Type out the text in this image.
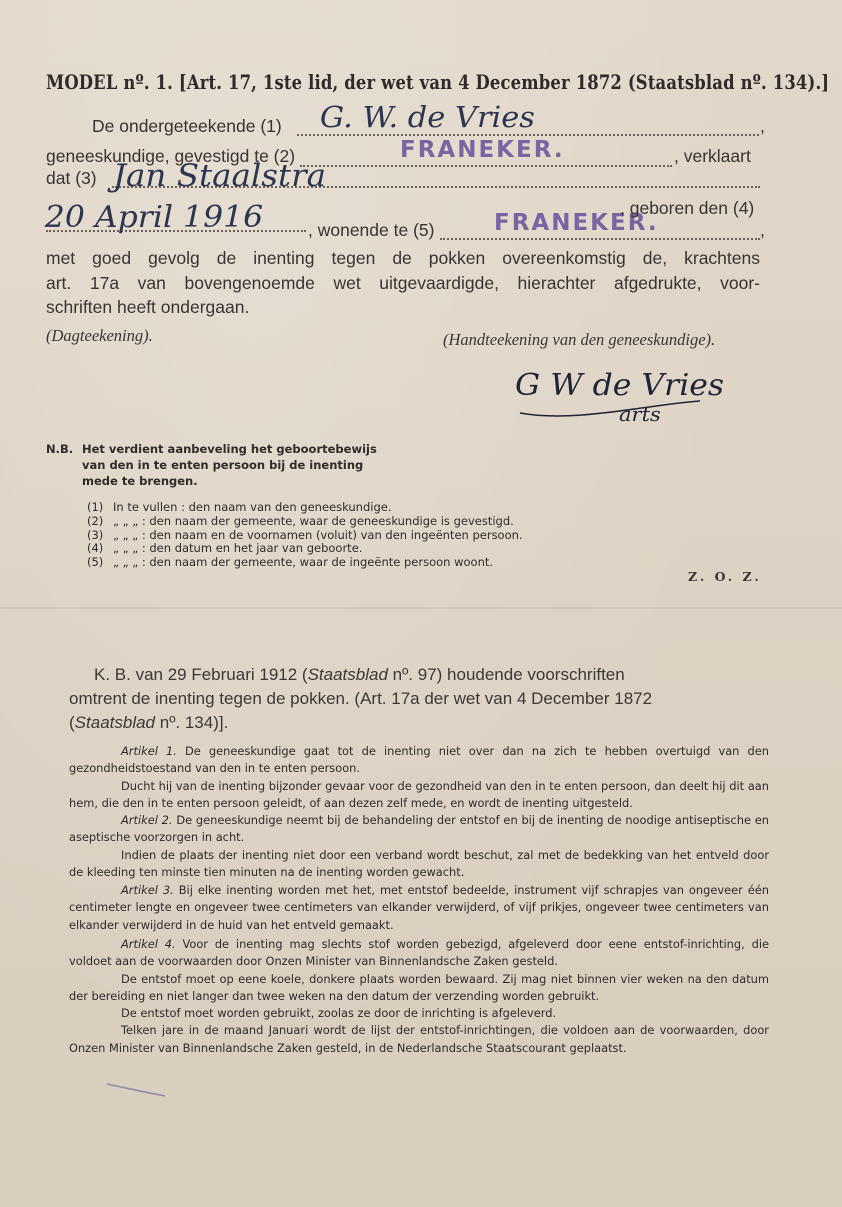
MODEL nº. 1. [Art. 17, 1ste lid, der wet van 4 December 1872 (Staatsblad nº. 134).]
De ondergeteekende (1)	,
G. W. de Vries
geneeskundige, gevestigd te (2)	FRANEKER.	, verklaart
dat (3) Jan Staalstra
20 April 1916	, wonende te (5)	FRANEKER.
, geboren den (4)
,
met goed gevolg de inenting tegen de pokken overeenkomstig de, krachtens
art. 17a van bovengenoemde wet uitgevaardigde, hierachter afgedrukte, voor-
schriften heeft ondergaan.
(Dagteekening).	(Handteekening van den geneeskundige).
G W de Vries
arts
N.B. Het verdient aanbeveling het geboortebewijs
van den in te enten persoon bij de inenting
mede te brengen.
(1) In te vullen : den naam van den geneeskundige.
(2) „ „ „ : den naam der gemeente, waar de geneeskundige is gevestigd.
(3) „ „ „ : den naam en de voornamen (voluit) van den ingeënten persoon.
(4) „ „ „ : den datum en het jaar van geboorte.
(5) „ „ „ : den naam der gemeente, waar de ingeënte persoon woont.
Z. O. Z.
K. B. van 29 Februari 1912 (Staatsblad nº. 97) houdende voorschriften
omtrent de inenting tegen de pokken. (Art. 17a der wet van 4 December 1872
(Staatsblad nº. 134)].

Artikel 1. De geneeskundige gaat tot de inenting niet over dan na zich te hebben overtuigd van den gezondheidstoestand van den in te enten persoon.

Ducht hij van de inenting bijzonder gevaar voor de gezondheid van den in te enten persoon, dan deelt hij dit aan hem, die den in te enten persoon geleidt, of aan dezen zelf mede, en wordt de inenting uitgesteld.

Artikel 2. De geneeskundige neemt bij de behandeling der entstof en bij de inenting de noodige antiseptische en aseptische voorzorgen in acht.

Indien de plaats der inenting niet door een verband wordt beschut, zal met de bedekking van het entveld door de kleeding ten minste tien minuten na de inenting worden gewacht.

Artikel 3. Bij elke inenting worden met het, met entstof bedeelde, instrument vijf schrapjes van ongeveer één centimeter lengte en ongeveer twee centimeters van elkander verwijderd, of vijf prikjes, ongeveer twee centimeters van elkander verwijderd in de huid van het entveld gemaakt.

Artikel 4. Voor de inenting mag slechts stof worden gebezigd, afgeleverd door eene entstof-inrichting, die voldoet aan de voorwaarden door Onzen Minister van Binnenlandsche Zaken gesteld.

De entstof moet op eene koele, donkere plaats worden bewaard. Zij mag niet binnen vier weken na den datum der bereiding en niet langer dan twee weken na den datum der verzending worden gebruikt.

De entstof moet worden gebruikt, zoolas ze door de inrichting is afgeleverd.

Telken jare in de maand Januari wordt de lijst der entstof-inrichtingen, die voldoen aan de voorwaarden, door Onzen Minister van Binnenlandsche Zaken gesteld, in de Nederlandsche Staatscourant geplaatst.
